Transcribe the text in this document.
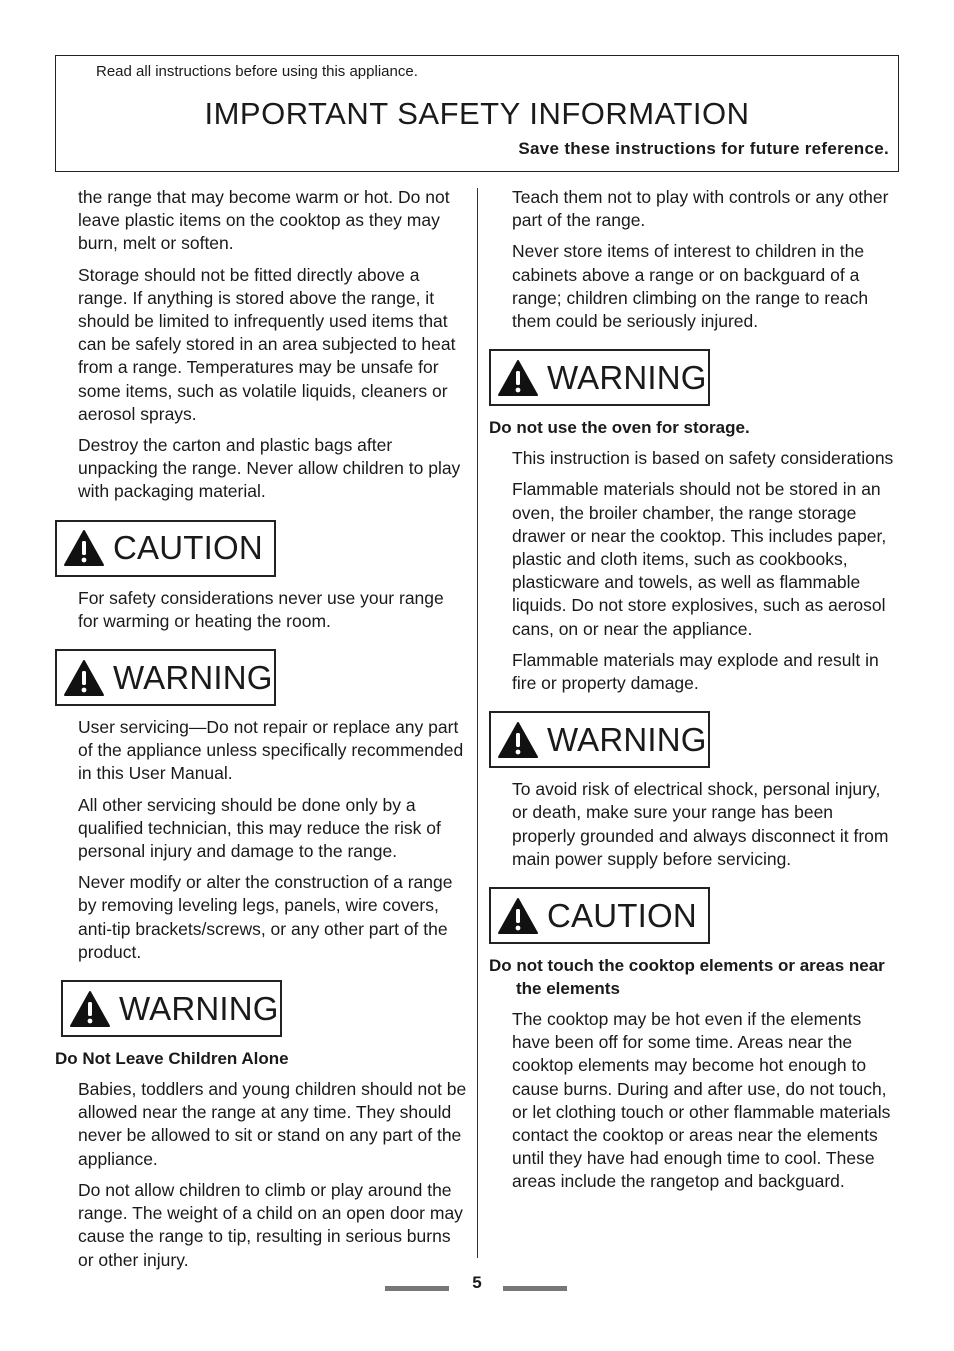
Read all instructions before using this appliance.
IMPORTANT SAFETY INFORMATION
Save these instructions for future reference.

the range that may become warm or hot. Do not leave plastic items on the cooktop as they may burn, melt or soften.

Storage should not be fitted directly above a range. If anything is stored above the range, it should be limited to infrequently used items that can be safely stored in an area subjected to heat from a range. Temperatures may be unsafe for some items, such as volatile liquids, cleaners or aerosol sprays.

Destroy the carton and plastic bags after unpacking the range. Never allow children to play with packaging material.

CAUTION

For safety considerations never use your range for warming or heating the room.

WARNING

User servicing—Do not repair or replace any part of the appliance unless specifically recommended in this User Manual.

All other servicing should be done only by a qualified technician, this may reduce the risk of personal injury and damage to the range.

Never modify or alter the construction of a range by removing leveling legs, panels, wire covers, anti-tip brackets/screws, or any other part of the product.

WARNING

Do Not Leave Children Alone

Babies, toddlers and young children should not be allowed near the range at any time. They should never be allowed to sit or stand on any part of the appliance.

Do not allow children to climb or play around the range. The weight of a child on an open door may cause the range to tip, resulting in serious burns or other injury.

Teach them not to play with controls or any other part of the range.

Never store items of interest to children in the cabinets above a range or on backguard of a range; children climbing on the range to reach them could be seriously injured.

WARNING

Do not use the oven for storage.

This instruction is based on safety considerations

Flammable materials should not be stored in an oven, the broiler chamber, the range storage drawer or near the cooktop. This includes paper, plastic and cloth items, such as cookbooks, plasticware and towels, as well as flammable liquids. Do not store explosives, such as aerosol cans, on or near the appliance.

Flammable materials may explode and result in fire or property damage.

WARNING

To avoid risk of electrical shock, personal injury, or death, make sure your range has been properly grounded and always disconnect it from main power supply before servicing.

CAUTION

Do not touch the cooktop elements or areas near the elements

The cooktop may be hot even if the elements have been off for some time. Areas near the cooktop elements may become hot enough to cause burns. During and after use, do not touch, or let clothing touch or other flammable materials contact the cooktop or areas near the elements until they have had enough time to cool. These areas include the rangetop and backguard.

5
